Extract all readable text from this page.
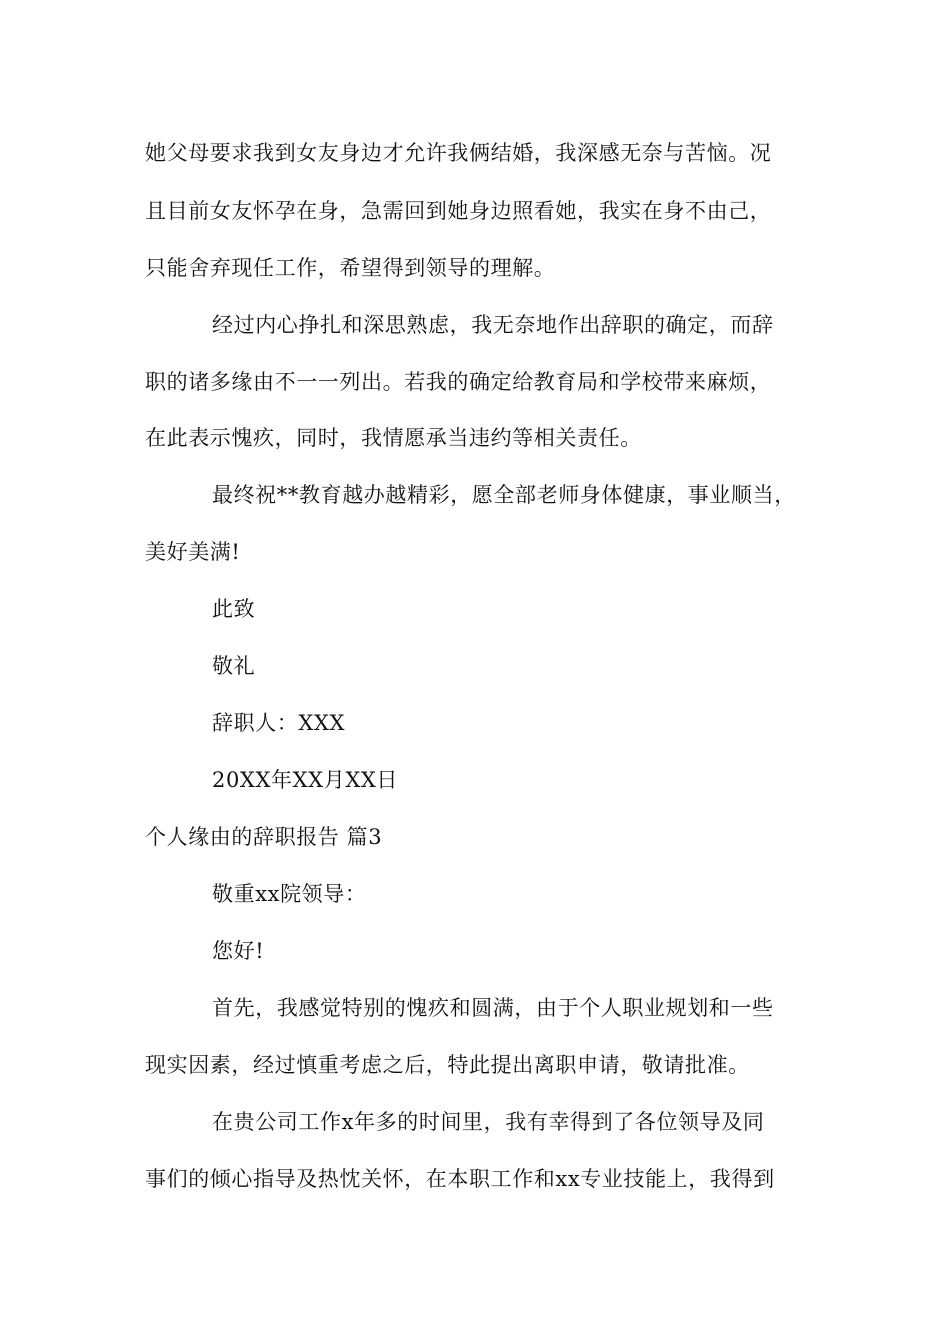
她父母要求我到女友身边才允许我俩结婚，我深感无奈与苦恼。况
且目前女友怀孕在身，急需回到她身边照看她，我实在身不由己，
只能舍弃现任工作，希望得到领导的理解。
经过内心挣扎和深思熟虑，我无奈地作出辞职的确定，而辞
职的诸多缘由不一一列出。若我的确定给教育局和学校带来麻烦，
在此表示愧疚，同时，我情愿承当违约等相关责任。
最终祝**教育越办越精彩，愿全部老师身体健康，事业顺当，
美好美满!
此致
敬礼
辞职人：XXX
20XX年XX月XX日
个人缘由的辞职报告 篇3
敬重xx院领导：
您好!
首先，我感觉特别的愧疚和圆满，由于个人职业规划和一些
现实因素，经过慎重考虑之后，特此提出离职申请，敬请批准。
在贵公司工作x年多的时间里，我有幸得到了各位领导及同
事们的倾心指导及热忱关怀，在本职工作和xx专业技能上，我得到
